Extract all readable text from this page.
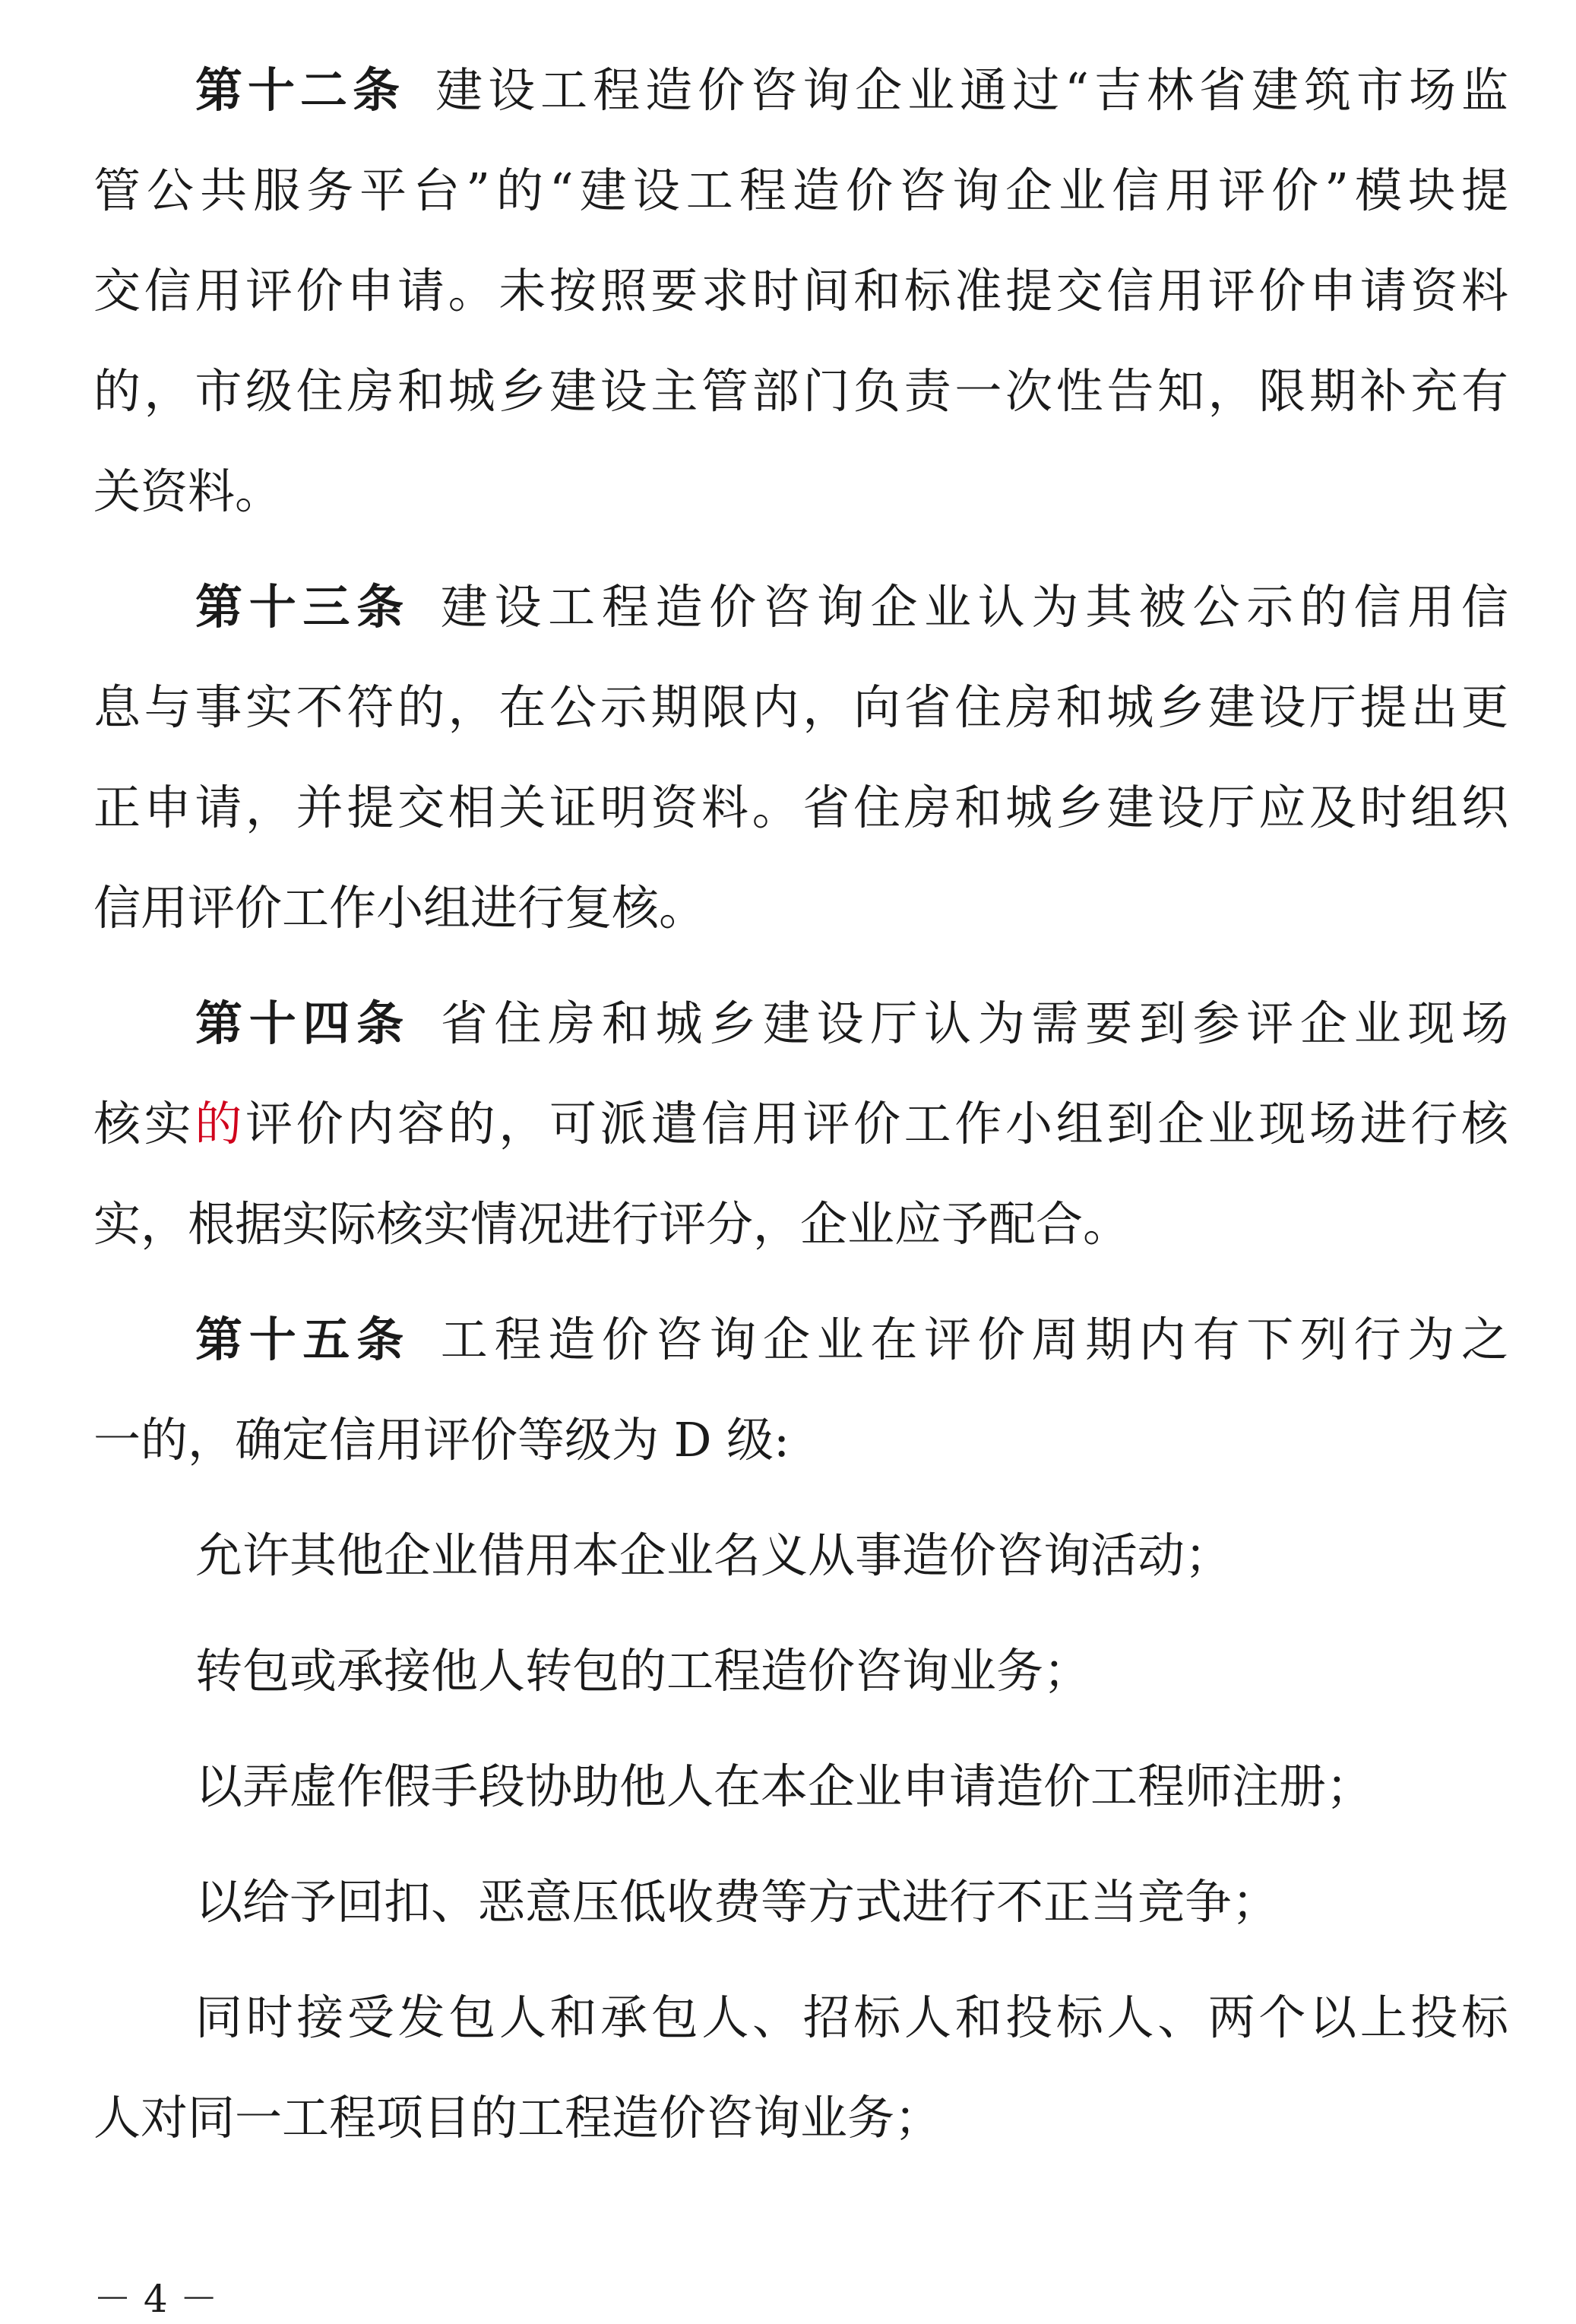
第十二条 建设工程造价咨询企业通过“吉林省建筑市场监
管公共服务平台”的“建设工程造价咨询企业信用评价”模块提
交信用评价申请。未按照要求时间和标准提交信用评价申请资料
的，市级住房和城乡建设主管部门负责一次性告知，限期补充有
关资料。
第十三条 建设工程造价咨询企业认为其被公示的信用信
息与事实不符的，在公示期限内，向省住房和城乡建设厅提出更
正申请，并提交相关证明资料。省住房和城乡建设厅应及时组织
信用评价工作小组进行复核。
第十四条 省住房和城乡建设厅认为需要到参评企业现场
核实的评价内容的，可派遣信用评价工作小组到企业现场进行核
实，根据实际核实情况进行评分，企业应予配合。
第十五条 工程造价咨询企业在评价周期内有下列行为之
一的，确定信用评价等级为 D 级:
允许其他企业借用本企业名义从事造价咨询活动；
转包或承接他人转包的工程造价咨询业务；
以弄虚作假手段协助他人在本企业申请造价工程师注册；
以给予回扣、恶意压低收费等方式进行不正当竞争；
同时接受发包人和承包人、招标人和投标人、两个以上投标
人对同一工程项目的工程造价咨询业务；
－ 4 －
